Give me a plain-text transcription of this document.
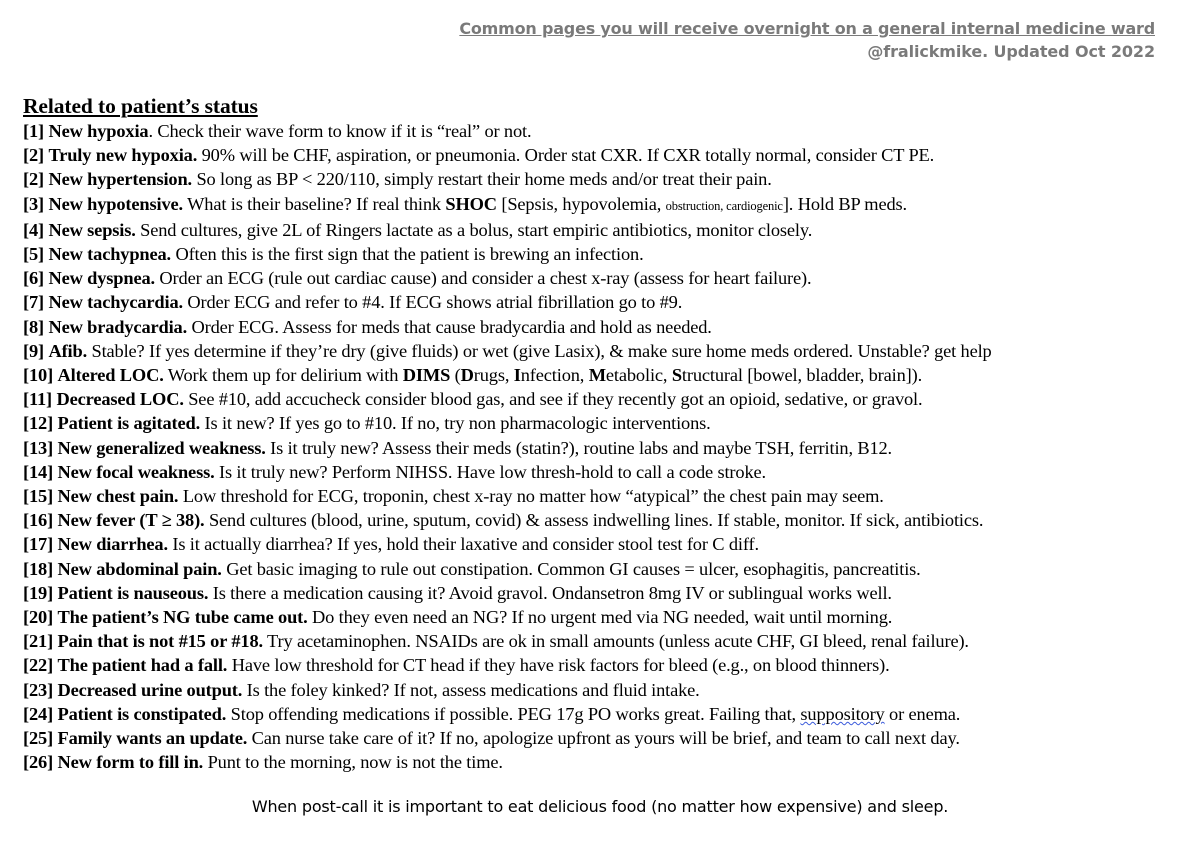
Common pages you will receive overnight on a general internal medicine ward
@fralickmike. Updated Oct 2022
Related to patient’s status
[1] New hypoxia. Check their wave form to know if it is “real” or not.
[2] Truly new hypoxia. 90% will be CHF, aspiration, or pneumonia. Order stat CXR. If CXR totally normal, consider CT PE.
[2] New hypertension. So long as BP < 220/110, simply restart their home meds and/or treat their pain.
[3] New hypotensive. What is their baseline? If real think SHOC [Sepsis, hypovolemia, obstruction, cardiogenic]. Hold BP meds.
[4] New sepsis. Send cultures, give 2L of Ringers lactate as a bolus, start empiric antibiotics, monitor closely.
[5] New tachypnea. Often this is the first sign that the patient is brewing an infection.
[6] New dyspnea. Order an ECG (rule out cardiac cause) and consider a chest x-ray (assess for heart failure).
[7] New tachycardia. Order ECG and refer to #4. If ECG shows atrial fibrillation go to #9.
[8] New bradycardia. Order ECG. Assess for meds that cause bradycardia and hold as needed.
[9] Afib. Stable? If yes determine if they’re dry (give fluids) or wet (give Lasix), & make sure home meds ordered. Unstable? get help
[10] Altered LOC. Work them up for delirium with DIMS (Drugs, Infection, Metabolic, Structural [bowel, bladder, brain]).
[11] Decreased LOC. See #10, add accucheck consider blood gas, and see if they recently got an opioid, sedative, or gravol.
[12] Patient is agitated. Is it new? If yes go to #10. If no, try non pharmacologic interventions.
[13] New generalized weakness. Is it truly new? Assess their meds (statin?), routine labs and maybe TSH, ferritin, B12.
[14] New focal weakness. Is it truly new? Perform NIHSS. Have low thresh-hold to call a code stroke.
[15] New chest pain. Low threshold for ECG, troponin, chest x-ray no matter how “atypical” the chest pain may seem.
[16] New fever (T ≥ 38). Send cultures (blood, urine, sputum, covid) & assess indwelling lines. If stable, monitor. If sick, antibiotics.
[17] New diarrhea. Is it actually diarrhea? If yes, hold their laxative and consider stool test for C diff.
[18] New abdominal pain. Get basic imaging to rule out constipation. Common GI causes = ulcer, esophagitis, pancreatitis.
[19] Patient is nauseous. Is there a medication causing it? Avoid gravol. Ondansetron 8mg IV or sublingual works well.
[20] The patient’s NG tube came out. Do they even need an NG? If no urgent med via NG needed, wait until morning.
[21] Pain that is not #15 or #18. Try acetaminophen. NSAIDs are ok in small amounts (unless acute CHF, GI bleed, renal failure).
[22] The patient had a fall. Have low threshold for CT head if they have risk factors for bleed (e.g., on blood thinners).
[23] Decreased urine output. Is the foley kinked? If not, assess medications and fluid intake.
[24] Patient is constipated. Stop offending medications if possible. PEG 17g PO works great. Failing that, suppository or enema.
[25] Family wants an update. Can nurse take care of it? If no, apologize upfront as yours will be brief, and team to call next day.
[26] New form to fill in. Punt to the morning, now is not the time.
When post-call it is important to eat delicious food (no matter how expensive) and sleep.
